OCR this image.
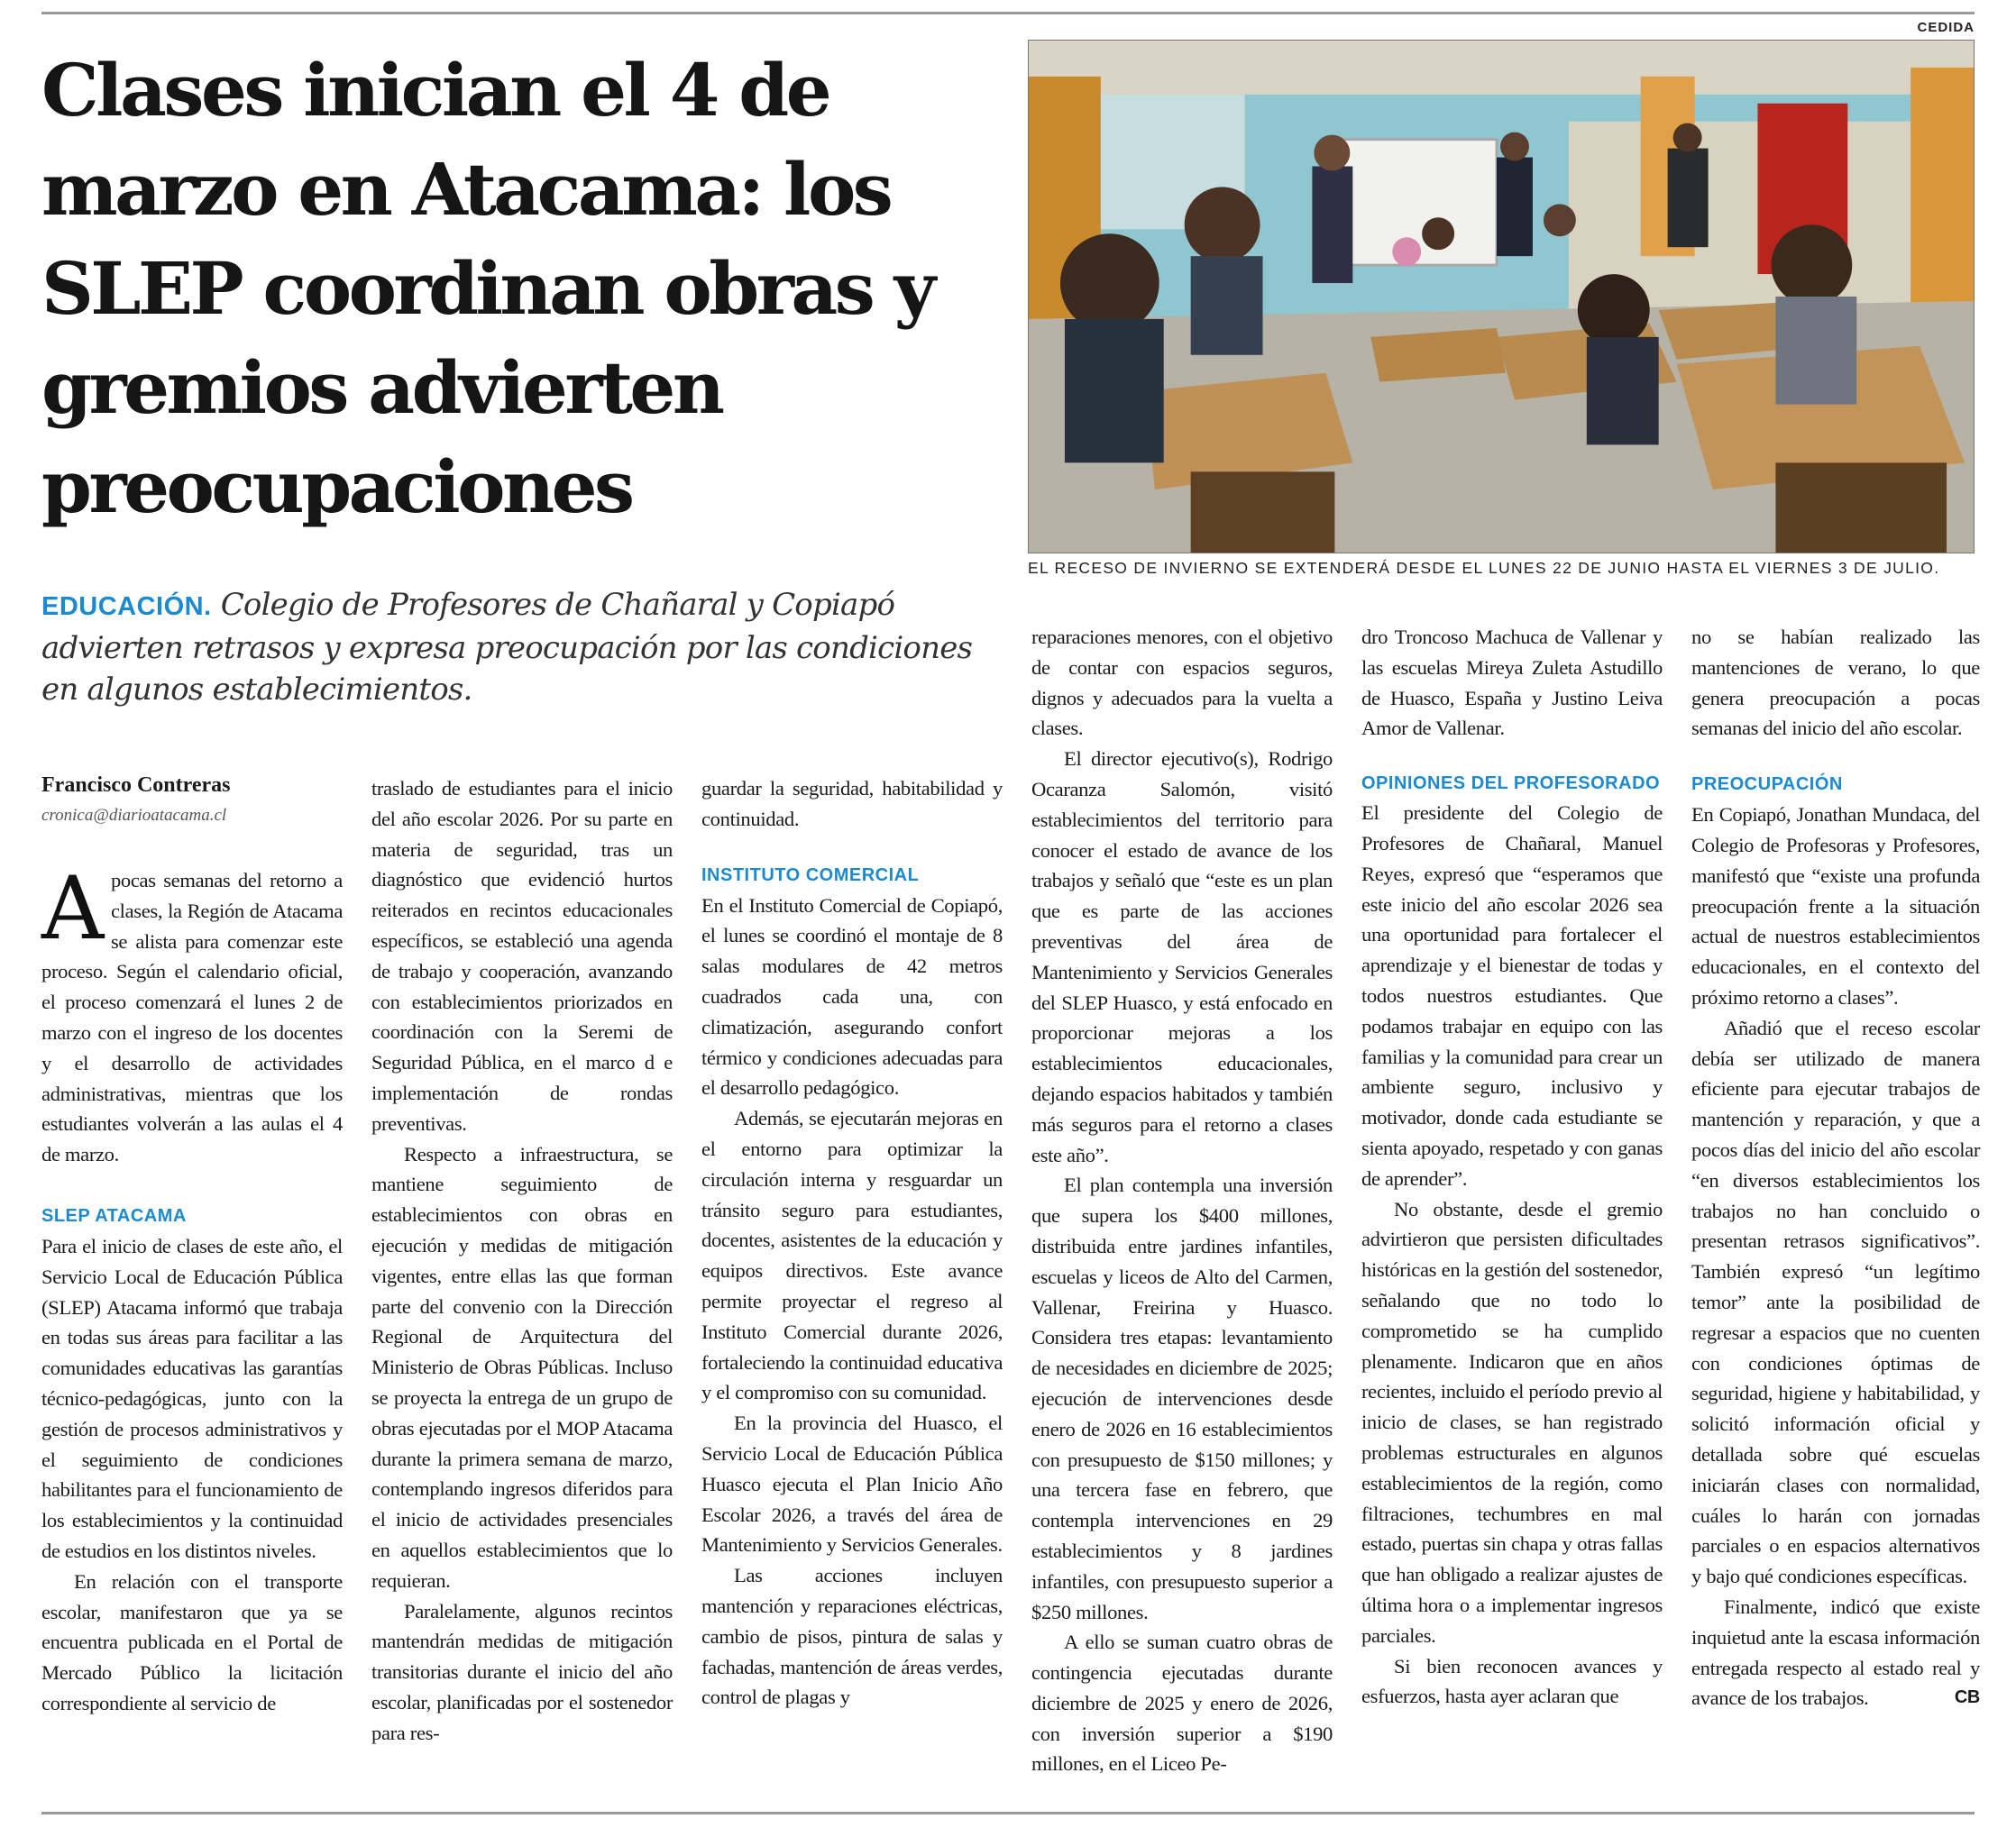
Clases inician el 4 de marzo en Atacama: los SLEP coordinan obras y gremios advierten preocupaciones
CEDIDA
EL RECESO DE INVIERNO SE EXTENDERÁ DESDE EL LUNES 22 DE JUNIO HASTA EL VIERNES 3 DE JULIO.
EDUCACIÓN. Colegio de Profesores de Chañaral y Copiapó advierten retrasos y expresa preocupación por las condiciones en algunos establecimientos.
Francisco Contreras
cronica@diarioatacama.cl

Apocas semanas del retorno a clases, la Región de Atacama se alista para comenzar este proceso. Según el calendario oficial, el proceso comenzará el lunes 2 de marzo con el ingreso de los docentes y el desarrollo de actividades administrativas, mientras que los estudiantes volverán a las aulas el 4 de marzo.

SLEP ATACAMA

Para el inicio de clases de este año, el Servicio Local de Educación Pública (SLEP) Atacama informó que trabaja en todas sus áreas para facilitar a las comunidades educativas las garantías técnico-pedagógicas, junto con la gestión de procesos administrativos y el seguimiento de condiciones habilitantes para el funcionamiento de los establecimientos y la continuidad de estudios en los distintos niveles.

En relación con el transporte escolar, manifestaron que ya se encuentra publicada en el Portal de Mercado Público la licitación correspondiente al servicio de

traslado de estudiantes para el inicio del año escolar 2026. Por su parte en materia de seguridad, tras un diagnóstico que evidenció hurtos reiterados en recintos educacionales específicos, se estableció una agenda de trabajo y cooperación, avanzando con establecimientos priorizados en coordinación con la Seremi de Seguridad Pública, en el marco d e implementación de rondas preventivas.

Respecto a infraestructura, se mantiene seguimiento de establecimientos con obras en ejecución y medidas de mitigación vigentes, entre ellas las que forman parte del convenio con la Dirección Regional de Arquitectura del Ministerio de Obras Públicas. Incluso se proyecta la entrega de un grupo de obras ejecutadas por el MOP Atacama durante la primera semana de marzo, contemplando ingresos diferidos para el inicio de actividades presenciales en aquellos establecimientos que lo requieran.

Paralelamente, algunos recintos mantendrán medidas de mitigación transitorias durante el inicio del año escolar, planificadas por el sostenedor para res-

guardar la seguridad, habitabilidad y continuidad.

INSTITUTO COMERCIAL

En el Instituto Comercial de Copiapó, el lunes se coordinó el montaje de 8 salas modulares de 42 metros cuadrados cada una, con climatización, asegurando confort térmico y condiciones adecuadas para el desarrollo pedagógico.

Además, se ejecutarán mejoras en el entorno para optimizar la circulación interna y resguardar un tránsito seguro para estudiantes, docentes, asistentes de la educación y equipos directivos. Este avance permite proyectar el regreso al Instituto Comercial durante 2026, fortaleciendo la continuidad educativa y el compromiso con su comunidad.

En la provincia del Huasco, el Servicio Local de Educación Pública Huasco ejecuta el Plan Inicio Año Escolar 2026, a través del área de Mantenimiento y Servicios Generales.

Las acciones incluyen mantención y reparaciones eléctricas, cambio de pisos, pintura de salas y fachadas, mantención de áreas verdes, control de plagas y

reparaciones menores, con el objetivo de contar con espacios seguros, dignos y adecuados para la vuelta a clases.

El director ejecutivo(s), Rodrigo Ocaranza Salomón, visitó establecimientos del territorio para conocer el estado de avance de los trabajos y señaló que “este es un plan que es parte de las acciones preventivas del área de Mantenimiento y Servicios Generales del SLEP Huasco, y está enfocado en proporcionar mejoras a los establecimientos educacionales, dejando espacios habitados y también más seguros para el retorno a clases este año”.

El plan contempla una inversión que supera los $400 millones, distribuida entre jardines infantiles, escuelas y liceos de Alto del Carmen, Vallenar, Freirina y Huasco. Considera tres etapas: levantamiento de necesidades en diciembre de 2025; ejecución de intervenciones desde enero de 2026 en 16 establecimientos con presupuesto de $150 millones; y una tercera fase en febrero, que contempla intervenciones en 29 establecimientos y 8 jardines infantiles, con presupuesto superior a $250 millones.

A ello se suman cuatro obras de contingencia ejecutadas durante diciembre de 2025 y enero de 2026, con inversión superior a $190 millones, en el Liceo Pe-

dro Troncoso Machuca de Vallenar y las escuelas Mireya Zuleta Astudillo de Huasco, España y Justino Leiva Amor de Vallenar.

OPINIONES DEL PROFESORADO

El presidente del Colegio de Profesores de Chañaral, Manuel Reyes, expresó que “esperamos que este inicio del año escolar 2026 sea una oportunidad para fortalecer el aprendizaje y el bienestar de todas y todos nuestros estudiantes. Que podamos trabajar en equipo con las familias y la comunidad para crear un ambiente seguro, inclusivo y motivador, donde cada estudiante se sienta apoyado, respetado y con ganas de aprender”.

No obstante, desde el gremio advirtieron que persisten dificultades históricas en la gestión del sostenedor, señalando que no todo lo comprometido se ha cumplido plenamente. Indicaron que en años recientes, incluido el período previo al inicio de clases, se han registrado problemas estructurales en algunos establecimientos de la región, como filtraciones, techumbres en mal estado, puertas sin chapa y otras fallas que han obligado a realizar ajustes de última hora o a implementar ingresos parciales.

Si bien reconocen avances y esfuerzos, hasta ayer aclaran que

no se habían realizado las mantenciones de verano, lo que genera preocupación a pocas semanas del inicio del año escolar.

PREOCUPACIÓN

En Copiapó, Jonathan Mundaca, del Colegio de Profesoras y Profesores, manifestó que “existe una profunda preocupación frente a la situación actual de nuestros establecimientos educacionales, en el contexto del próximo retorno a clases”.

Añadió que el receso escolar debía ser utilizado de manera eficiente para ejecutar trabajos de mantención y reparación, y que a pocos días del inicio del año escolar “en diversos establecimientos los trabajos no han concluido o presentan retrasos significativos”. También expresó “un legítimo temor” ante la posibilidad de regresar a espacios que no cuenten con condiciones óptimas de seguridad, higiene y habitabilidad, y solicitó información oficial y detallada sobre qué escuelas iniciarán clases con normalidad, cuáles lo harán con jornadas parciales o en espacios alternativos y bajo qué condiciones específicas.

Finalmente, indicó que existe inquietud ante la escasa información entregada respecto al estado real y avance de los trabajos.	CB
